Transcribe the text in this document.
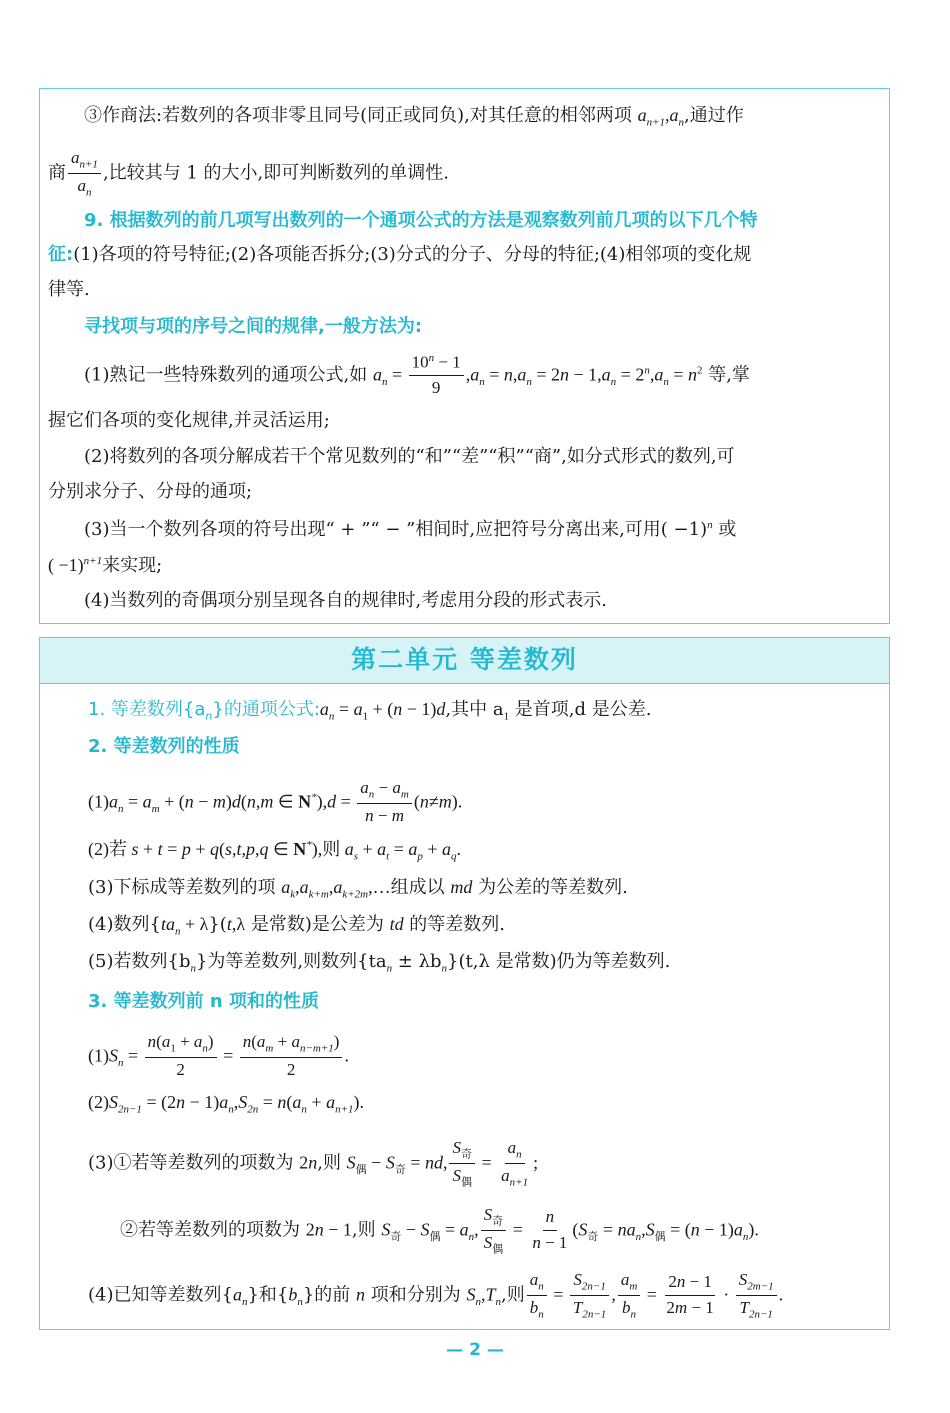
③作商法:若数列的各项非零且同号(同正或同负),对其任意的相邻两项 $a_{n+1},a_n$,通过作
商 $\frac{a_{n+1}}{a_n}$ ,比较其与 1 的大小,即可判断数列的单调性.
9. 根据数列的前几项写出数列的一个通项公式的方法是观察数列前几项的以下几个特
征:(1)各项的符号特征;(2)各项能否拆分;(3)分式的分子、分母的特征;(4)相邻项的变化规
律等.
寻找项与项的序号之间的规律,一般方法为:
(1)熟记一些特殊数列的通项公式,如 $a_n = \frac{10^n - 1}{9} ,a_n = n,a_n = 2n - 1,a_n = 2^n,a_n = n^2$ 等,掌
握它们各项的变化规律,并灵活运用;
(2)将数列的各项分解成若干个常见数列的“和”“差”“积”“商”,如分式形式的数列,可
分别求分子、分母的通项;
(3)当一个数列各项的符号出现“ + ”“ − ”相间时,应把符号分离出来,可用( −1)$^n$ 或
( −1)$^{n+1}$来实现;
(4)当数列的奇偶项分别呈现各自的规律时,考虑用分段的形式表示.
第二单元 等差数列
1. 等差数列$\{a_n\}$的通项公式$:a_n = a_1 + (n - 1)d$,其中 $a_1$ 是首项,d 是公差.
2. 等差数列的性质
$(1)a_n = a_m + (n - m)d(n,m$ ∈ $N^*),d = \frac{a_n - a_m}{n - m} (n\ne m)$.
(2)若 s + t = p + q(s,t,p,q ∈ N*),则 $a_s + a_t = a_p + a_q$.
(3)下标成等差数列的项 $a_k,a_{k+m},a_{k+2m},\dots$组成以 md 为公差的等差数列.
(4)数列$\{ta_n + \lambda\}(t,\lambda$ 是常数)是公差为 td 的等差数列.
(5)若数列$\{b_n\}$为等差数列,则数列$\{ta_n \pm \lambda b_n\}(t,\lambda$ 是常数)仍为等差数列.
3. 等差数列前 n 项和的性质
$(1)S_n = \frac{n(a_1 + a_n)}{2} = \frac{n(a_m + a_{n-m+1})}{2}$ .
$(2)S_{2n-1} = (2n - 1)a_n,S_{2n} = n(a_n + a_{n+1})$.
(3)①若等差数列的项数为 2n,则 $S_偶 - S_奇$ = nd, $\frac{S_奇}{S_偶} = \frac{a_n}{a_{n+1}}$ ;
②若等差数列的项数为 2n − 1,则 $S_奇 - S_偶 = a_n$, $\frac{S_奇}{S_偶} = \frac{n}{n - 1} (S_奇 = na_n,S_偶 = (n - 1)a_n)$.
(4)已知等差数列$\{a_n\}$和$\{b_n\}$的前 n 项和分别为 $S_n,T_n$,则 $\frac{a_n}{b_n} = \frac{S_{2n-1}}{T_{2n-1}}$ , $\frac{a_m}{b_n} = \frac{2n - 1}{2m - 1} \cdot \frac{S_{2m-1}}{T_{2n-1}}$ .
— 2 —
